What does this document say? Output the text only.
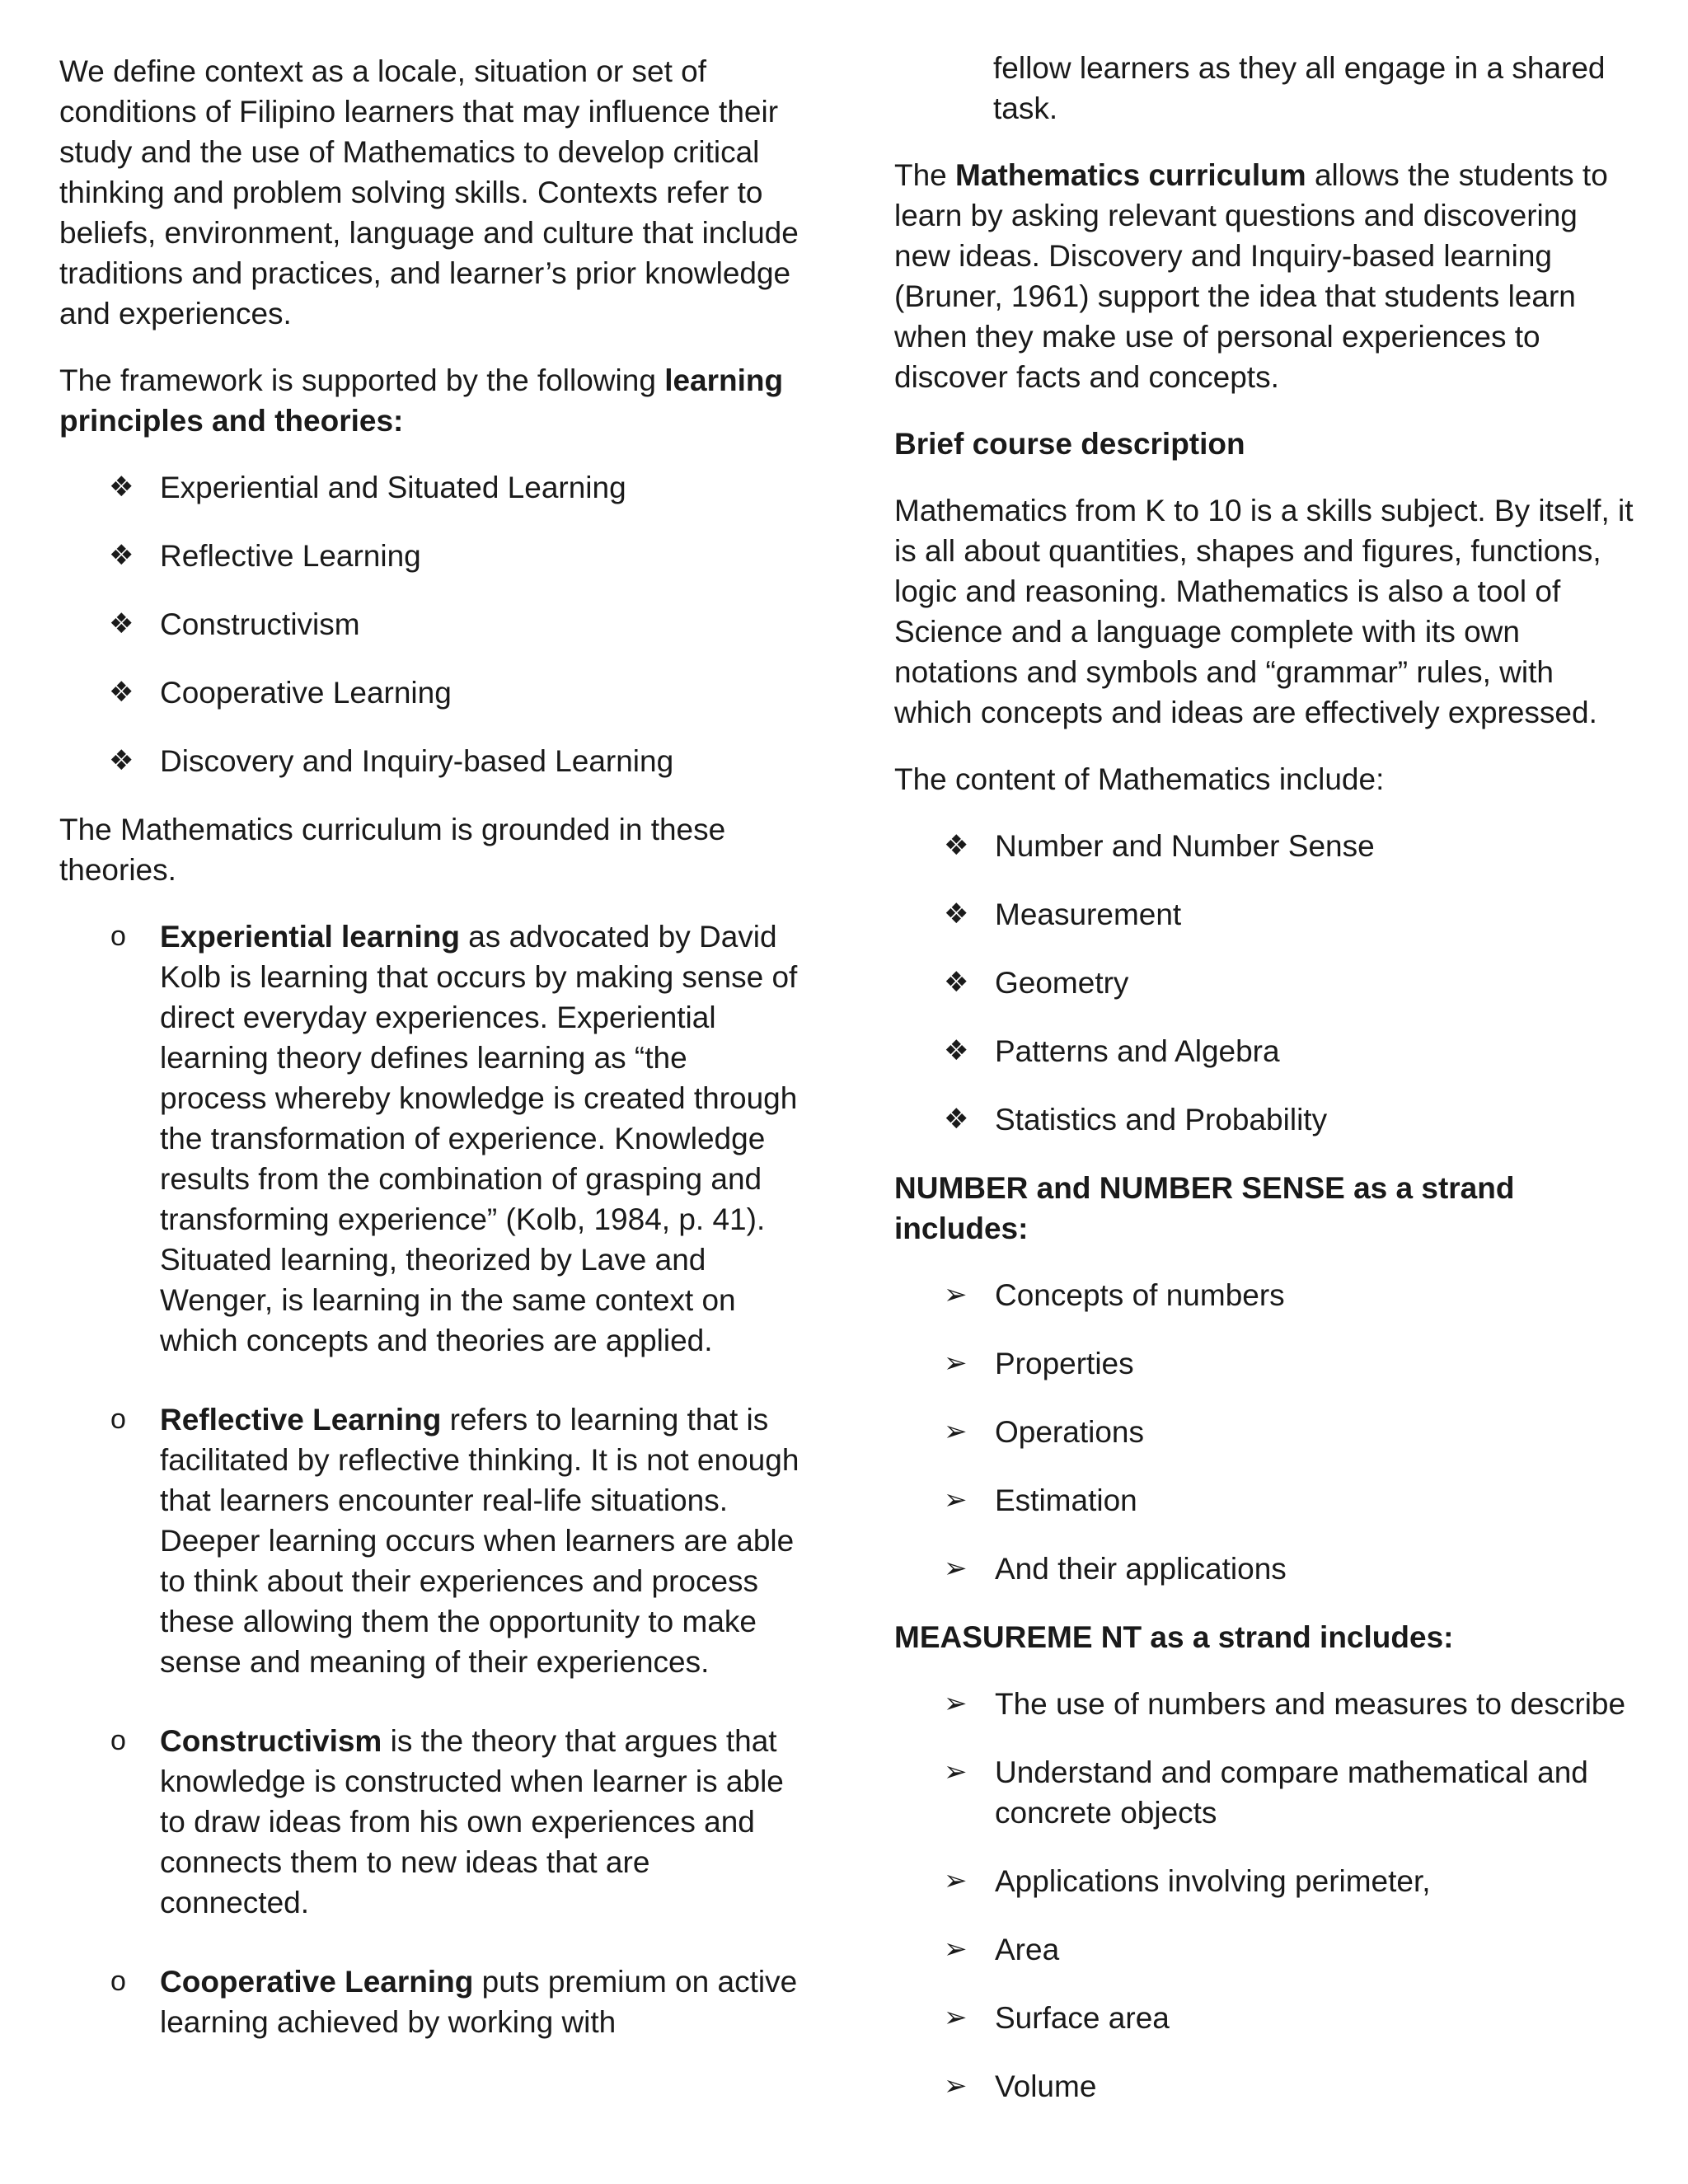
We define context as a locale, situation or set of conditions of Filipino learners that may influence their study and the use of Mathematics to develop critical thinking and problem solving skills. Contexts refer to beliefs, environment, language and culture that include traditions and practices, and learner’s prior knowledge and experiences.

The framework is supported by the following learning principles and theories:

❖ Experiential and Situated Learning
❖ Reflective Learning
❖ Constructivism
❖ Cooperative Learning
❖ Discovery and Inquiry-based Learning

The Mathematics curriculum is grounded in these theories.

o Experiential learning as advocated by David Kolb is learning that occurs by making sense of direct everyday experiences. Experiential learning theory defines learning as “the process whereby knowledge is created through the transformation of experience. Knowledge results from the combination of grasping and transforming experience” (Kolb, 1984, p. 41). Situated learning, theorized by Lave and Wenger, is learning in the same context on which concepts and theories are applied.
o Reflective Learning refers to learning that is facilitated by reflective thinking. It is not enough that learners encounter real-life situations. Deeper learning occurs when learners are able to think about their experiences and process these allowing them the opportunity to make sense and meaning of their experiences.
o Constructivism is the theory that argues that knowledge is constructed when learner is able to draw ideas from his own experiences and connects them to new ideas that are connected.
o Cooperative Learning puts premium on active learning achieved by working with

fellow learners as they all engage in a shared task.

The Mathematics curriculum allows the students to learn by asking relevant questions and discovering new ideas. Discovery and Inquiry-based learning (Bruner, 1961) support the idea that students learn when they make use of personal experiences to discover facts and concepts.

Brief course description

Mathematics from K to 10 is a skills subject. By itself, it is all about quantities, shapes and figures, functions, logic and reasoning. Mathematics is also a tool of Science and a language complete with its own notations and symbols and “grammar” rules, with which concepts and ideas are effectively expressed.

The content of Mathematics include:

❖ Number and Number Sense
❖ Measurement
❖ Geometry
❖ Patterns and Algebra
❖ Statistics and Probability

NUMBER and NUMBER SENSE as a strand includes:

➢ Concepts of numbers
➢ Properties
➢ Operations
➢ Estimation
➢ And their applications

MEASUREME NT as a strand includes:

➢ The use of numbers and measures to describe
➢ Understand and compare mathematical and concrete objects
➢ Applications involving perimeter,
➢ Area
➢ Surface area
➢ Volume
